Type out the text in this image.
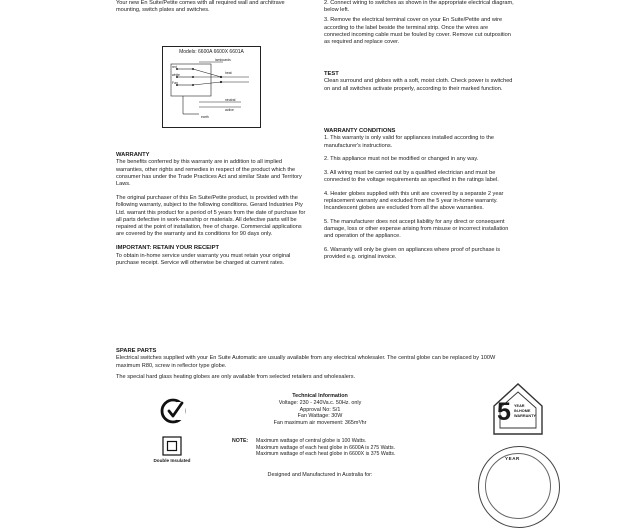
Your new En Suite/Petite comes with all required wall and architrave mounting, switch plates and switches.
Models: 6600A 6600X 6601A
lamboards
red
white
Fan
heat
neutral
active
earth
WARRANTY
The benefits conferred by this warranty are in addition to all implied warranties, other rights and remedies in respect of the product which the consumer has under the Trade Practices Act and similar State and Territory Laws.
The original purchaser of this En Suite/Petite product, is provided with the following warranty, subject to the following conditions. Gerard Industries Pty Ltd. warrant this product for a period of 5 years from the date of purchase for all parts defective in work-manship or materials. All defective parts will be repaired at the point of installation, free of charge. Commercial applications are covered by the warranty and its conditions for 90 days only.
IMPORTANT: RETAIN YOUR RECEIPT
To obtain in-home service under warranty you must retain your original purchase receipt. Service will otherwise be charged at current rates.
2. Connect wiring to switches as shown in the appropriate electrical diagram, below left.
3. Remove the electrical terminal cover on your En Suite/Petite and wire according to the label beside the terminal strip. Once the wires are connected incoming cable must be fouled by cover. Remove cut outposition as required and replace cover.
TEST
Clean surround and globes with a soft, moist cloth. Check power is switched on and all switches activate properly, according to their marked function.
WARRANTY CONDITIONS
1. This warranty is only valid for appliances installed according to the manufacturer's instructions.
2. This appliance must not be modified or changed in any way.
3. All wiring must be carried out by a qualified electrician and must be connected to the voltage requirements as specified in the ratings label.
4. Heater globes supplied with this unit are covered by a separate 2 year replacement warranty and excluded from the 5 year in-home warranty. Incandescent globes are excluded from all the above warranties.
5. The manufacturer does not accept liability for any direct or consequent damage, loss or other expense arising from misuse or incorrect installation and operation of the appliance.
6. Warranty will only be given on appliances where proof of purchase is provided e.g. original invoice.
SPARE PARTS
Electrical switches supplied with your En Suite Automatic are usually available from any electrical wholesaler. The central globe can be replaced by 100W maximum R80, screw in reflector type globe.
The special hard glass heating globes are only available from selected retailers and wholesalers.
Technical Information
Voltage: 230 - 240Va.c. 50Hz. only
Approval No: S/1
Fan Wattage: 30W
Fan maximum air movement: 365m³/hr
NOTE:	Maximum wattage of central globe is 100 Watts.
Maximum wattage of each heat globe in 6600A is 275 Watts.
Maximum wattage of each heat globe in 6600X is 375 Watts.
Designed and Manufactured in Australia for:
Double Insulated
5 YEAR
IN-HOME
WARRANTY
YEAR
